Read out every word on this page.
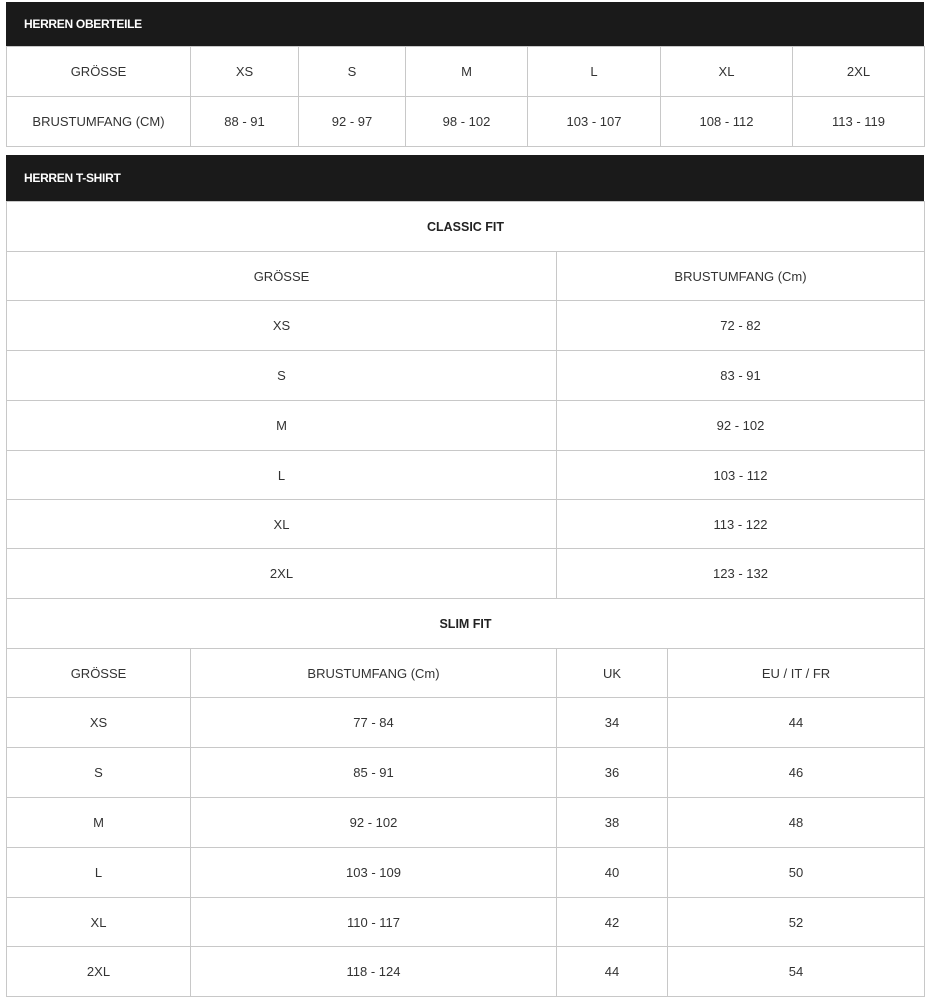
HERREN OBERTEILE
GRÖSSE	XS	S	M	L	XL	2XL
BRUSTUMFANG (CM)	88 - 91	92 - 97	98 - 102	103 - 107	108 - 112	113 - 119
HERREN T-SHIRT
CLASSIC FIT	
GRÖSSE	BRUSTUMFANG (Cm)
XS	72 - 82
S	83 - 91
M	92 - 102
L	103 - 112
XL	113 - 122
2XL	123 - 132
SLIM FIT			
GRÖSSE	BRUSTUMFANG (Cm)	UK	EU / IT / FR
XS	77 - 84	34	44
S	85 - 91	36	46
M	92 - 102	38	48
L	103 - 109	40	50
XL	110 - 117	42	52
2XL	118 - 124	44	54
